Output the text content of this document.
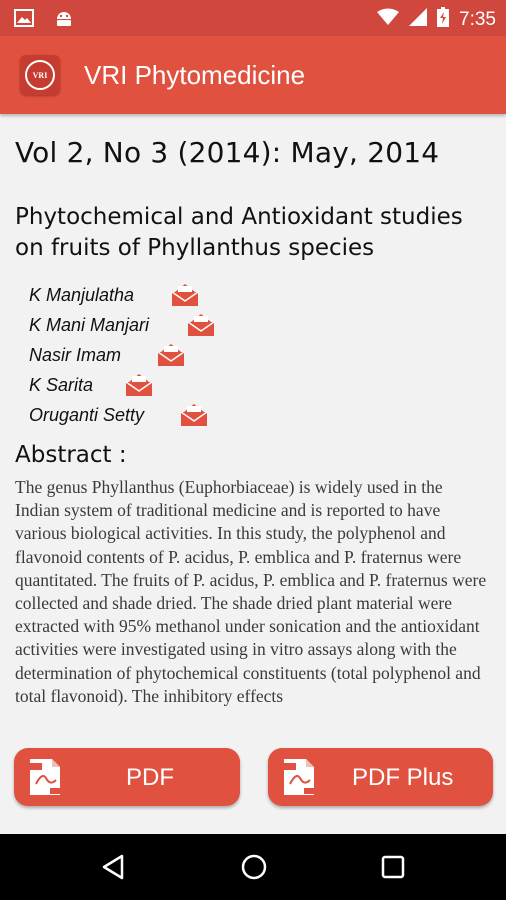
7:35
VRI VRI Phytomedicine
Vol 2, No 3 (2014): May, 2014
Phytochemical and Antioxidant studies on fruits of Phyllanthus species
K Manjulatha
K Mani Manjari
Nasir Imam
K Sarita
Oruganti Setty
Abstract :
The genus Phyllanthus (Euphorbiaceae) is widely used in the Indian system of traditional medicine and is reported to have various biological activities. In this study, the polyphenol and flavonoid contents of P. acidus, P. emblica and P. fraternus were quantitated. The fruits of P. acidus, P. emblica and P. fraternus were collected and shade dried. The shade dried plant material were extracted with 95% methanol under sonication and the antioxidant activities were investigated using in vitro assays along with the determination of phytochemical constituents (total polyphenol and total flavonoid). The inhibitory effects
PDF	PDF Plus
